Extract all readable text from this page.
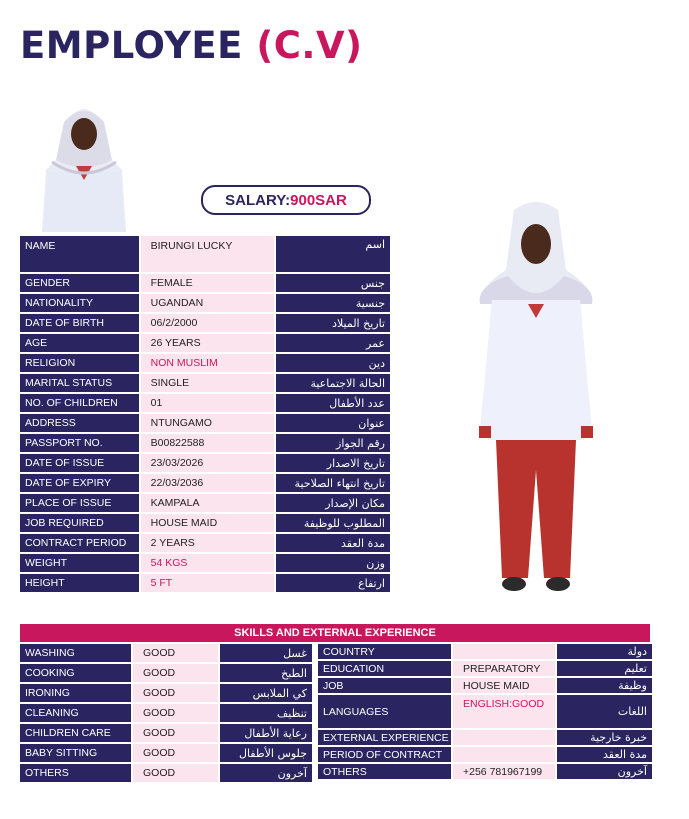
EMPLOYEE (C.V)
SALARY: 900SAR
NAME	BIRUNGI LUCKY	اسم
GENDER	FEMALE	جنس
NATIONALITY	UGANDAN	جنسية
DATE OF BIRTH	06/2/2000	تاريخ الميلاد
AGE	26 YEARS	عمر
RELIGION	NON MUSLIM	دين
MARITAL STATUS	SINGLE	الحالة الاجتماعية
NO. OF CHILDREN	01	عدد الأطفال
ADDRESS	NTUNGAMO	عنوان
PASSPORT NO.	B00822588	رقم الجواز
DATE OF ISSUE	23/03/2026	تاريخ الاصدار
DATE OF EXPIRY	22/03/2036	تاريخ انتهاء الصلاحية
PLACE OF ISSUE	KAMPALA	مكان الإصدار
JOB REQUIRED	HOUSE MAID	المطلوب للوظيفة
CONTRACT PERIOD	2 YEARS	مدة العقد
WEIGHT	54 KGS	وزن
HEIGHT	5 FT	ارتفاع
SKILLS AND EXTERNAL EXPERIENCE
WASHING	GOOD	غسل
COOKING	GOOD	الطبخ
IRONING	GOOD	كي الملابس
CLEANING	GOOD	تنظيف
CHILDREN CARE	GOOD	رعاية الأطفال
BABY SITTING	GOOD	جلوس الأطفال
OTHERS	GOOD	آخرون
COUNTRY		دولة
EDUCATION	PREPARATORY	تعليم
JOB	HOUSE MAID	وظيفة
LANGUAGES	ENGLISH:GOOD	اللغات
EXTERNAL EXPERIENCE		خبرة خارجية
PERIOD OF CONTRACT		مدة العقد
OTHERS	+256 781967199	آخرون
